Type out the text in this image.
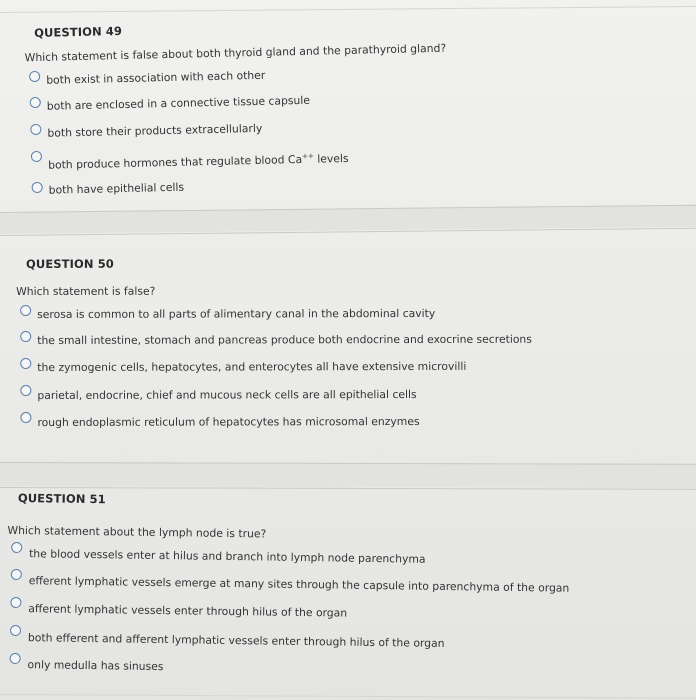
QUESTION 49
Which statement is false about both thyroid gland and the parathyroid gland?
both exist in association with each other
both are enclosed in a connective tissue capsule
both store their products extracellularly
both produce hormones that regulate blood Ca++ levels
both have epithelial cells
QUESTION 50
Which statement is false?
serosa is common to all parts of alimentary canal in the abdominal cavity
the small intestine, stomach and pancreas produce both endocrine and exocrine secretions
the zymogenic cells, hepatocytes, and enterocytes all have extensive microvilli
parietal, endocrine, chief and mucous neck cells are all epithelial cells
rough endoplasmic reticulum of hepatocytes has microsomal enzymes
QUESTION 51
Which statement about the lymph node is true?
the blood vessels enter at hilus and branch into lymph node parenchyma
efferent lymphatic vessels emerge at many sites through the capsule into parenchyma of the organ
afferent lymphatic vessels enter through hilus of the organ
both efferent and afferent lymphatic vessels enter through hilus of the organ
only medulla has sinuses
